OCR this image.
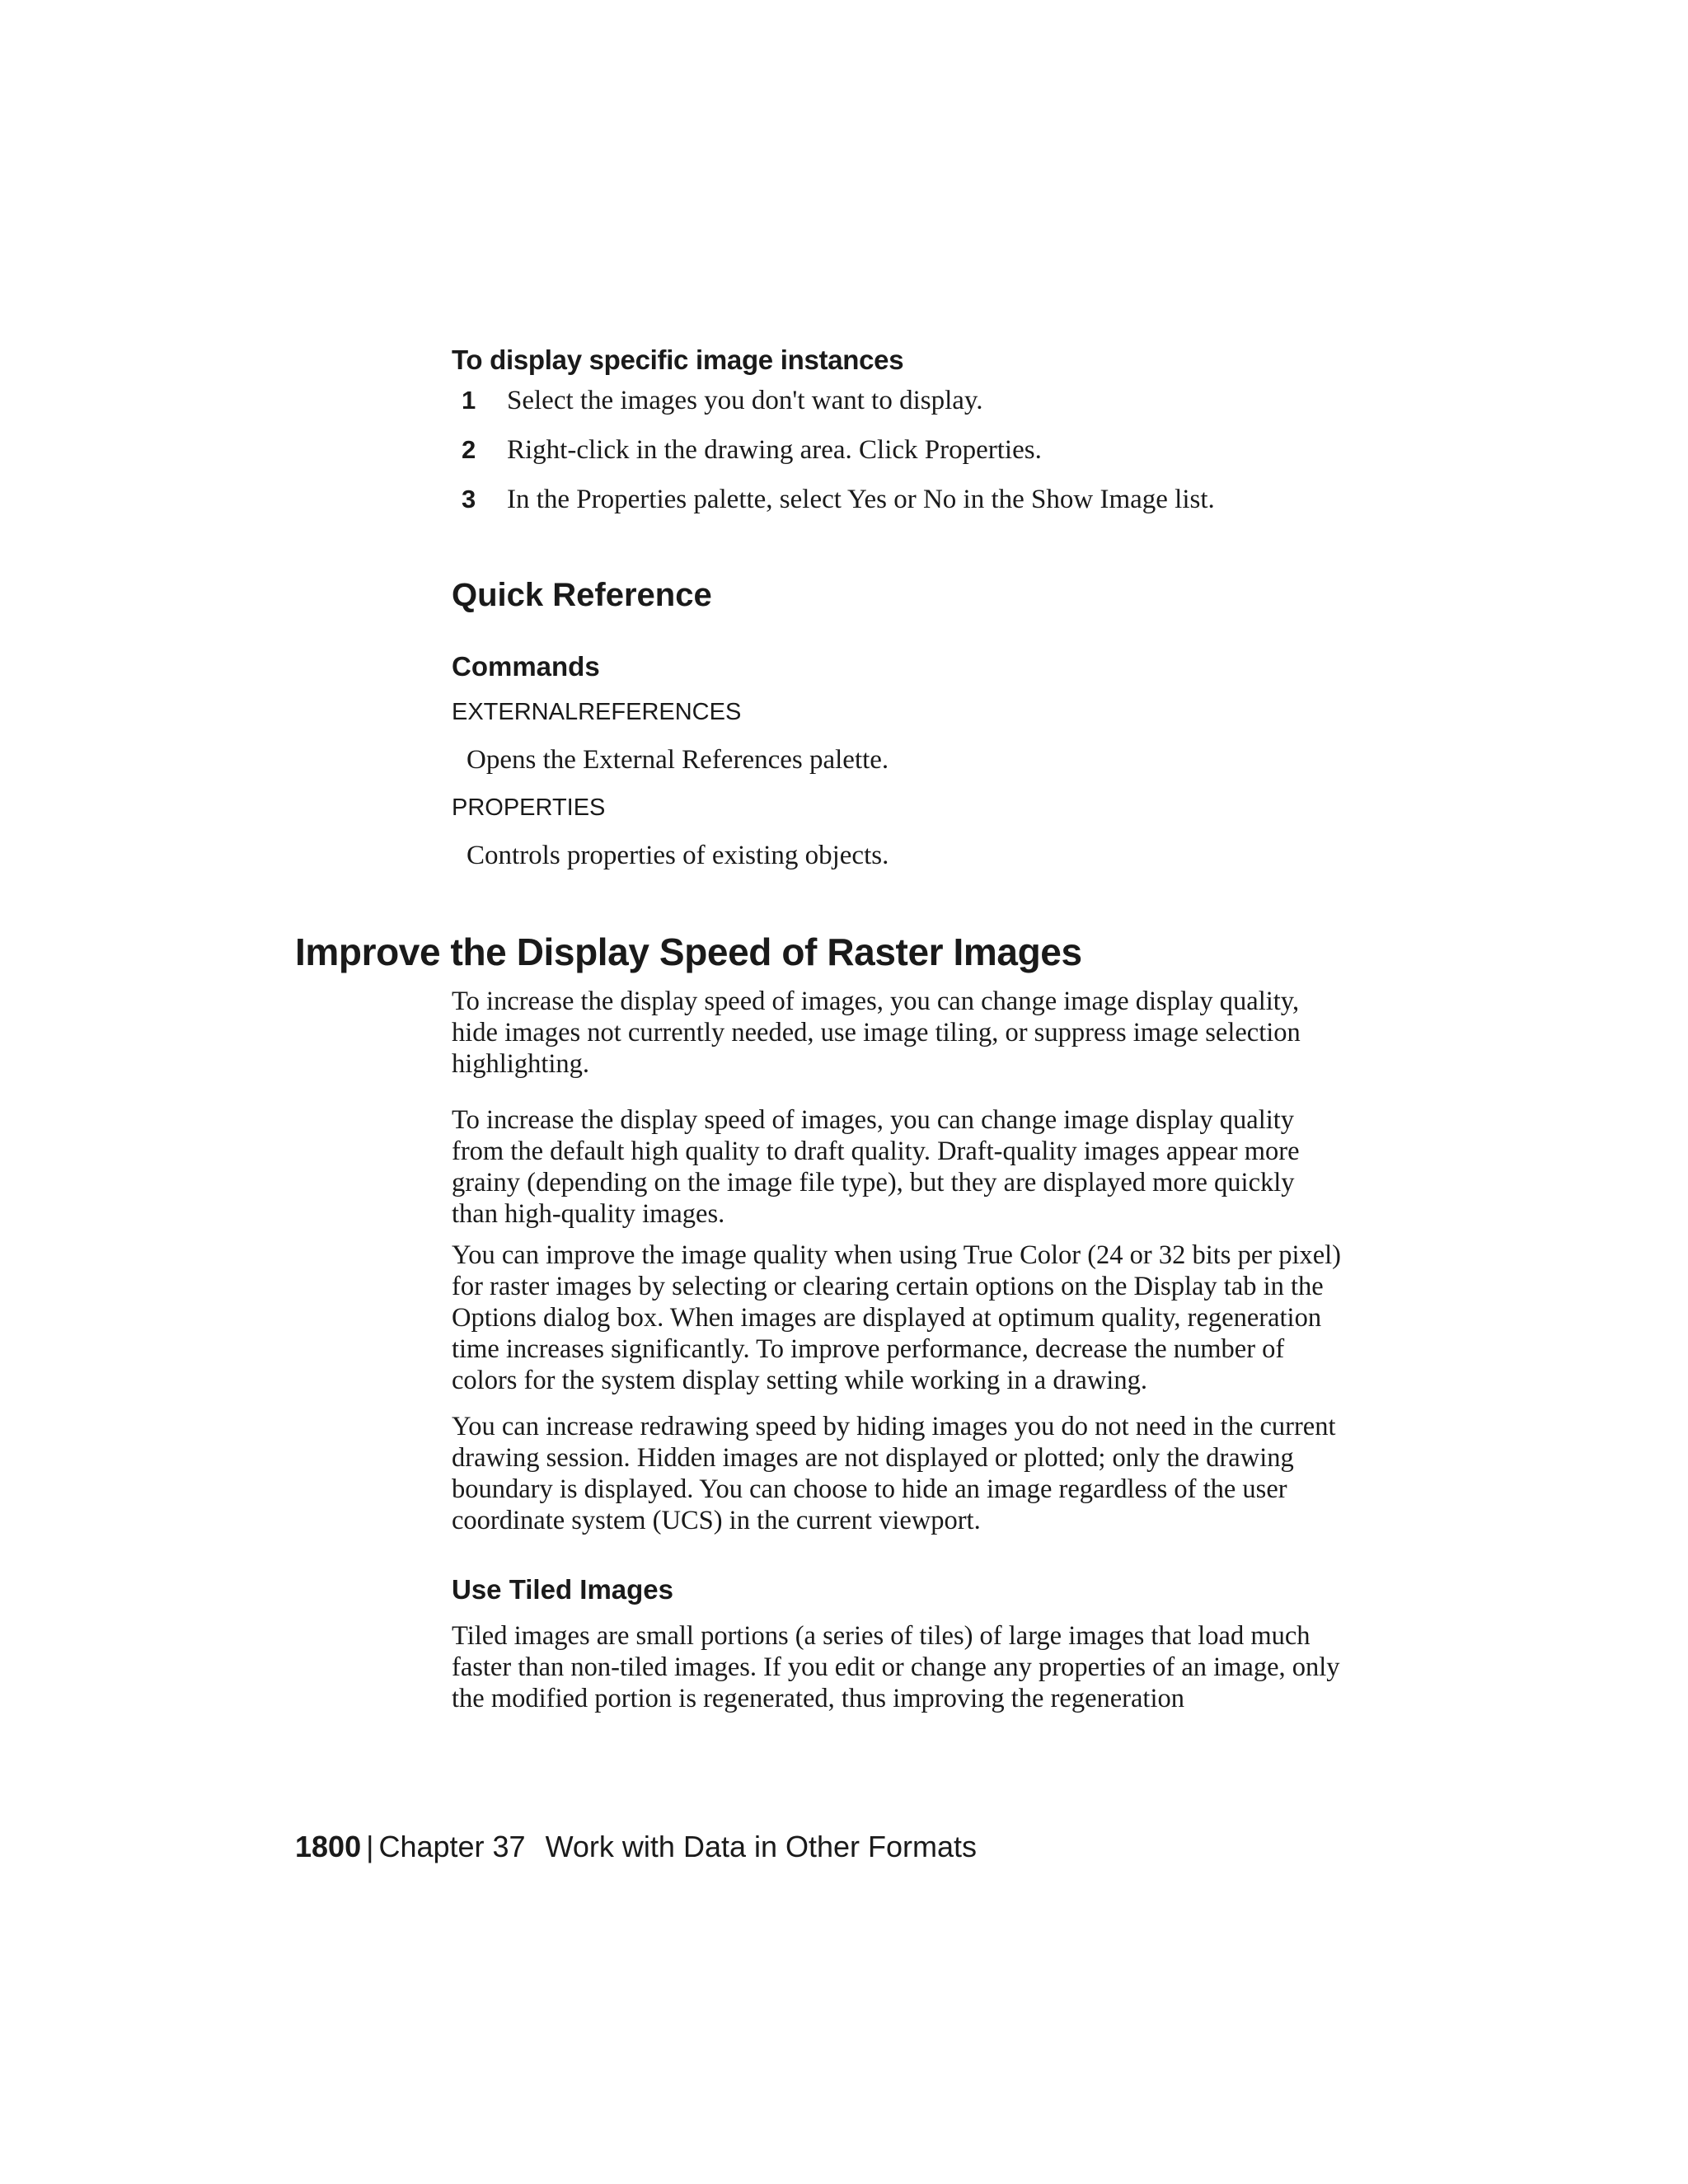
To display specific image instances
1 Select the images you don't want to display.
2 Right-click in the drawing area. Click Properties.
3 In the Properties palette, select Yes or No in the Show Image list.
Quick Reference
Commands
EXTERNALREFERENCES
Opens the External References palette.
PROPERTIES
Controls properties of existing objects.
Improve the Display Speed of Raster Images

To increase the display speed of images, you can change image display quality, hide images not currently needed, use image tiling, or suppress image selection highlighting.

To increase the display speed of images, you can change image display quality from the default high quality to draft quality. Draft-quality images appear more grainy (depending on the image file type), but they are displayed more quickly than high-quality images.

You can improve the image quality when using True Color (24 or 32 bits per pixel) for raster images by selecting or clearing certain options on the Display tab in the Options dialog box. When images are displayed at optimum quality, regeneration time increases significantly. To improve performance, decrease the number of colors for the system display setting while working in a drawing.

You can increase redrawing speed by hiding images you do not need in the current drawing session. Hidden images are not displayed or plotted; only the drawing boundary is displayed. You can choose to hide an image regardless of the user coordinate system (UCS) in the current viewport.

Use Tiled Images

Tiled images are small portions (a series of tiles) of large images that load much faster than non-tiled images. If you edit or change any properties of an image, only the modified portion is regenerated, thus improving the regeneration

1800 | Chapter 37 Work with Data in Other Formats
